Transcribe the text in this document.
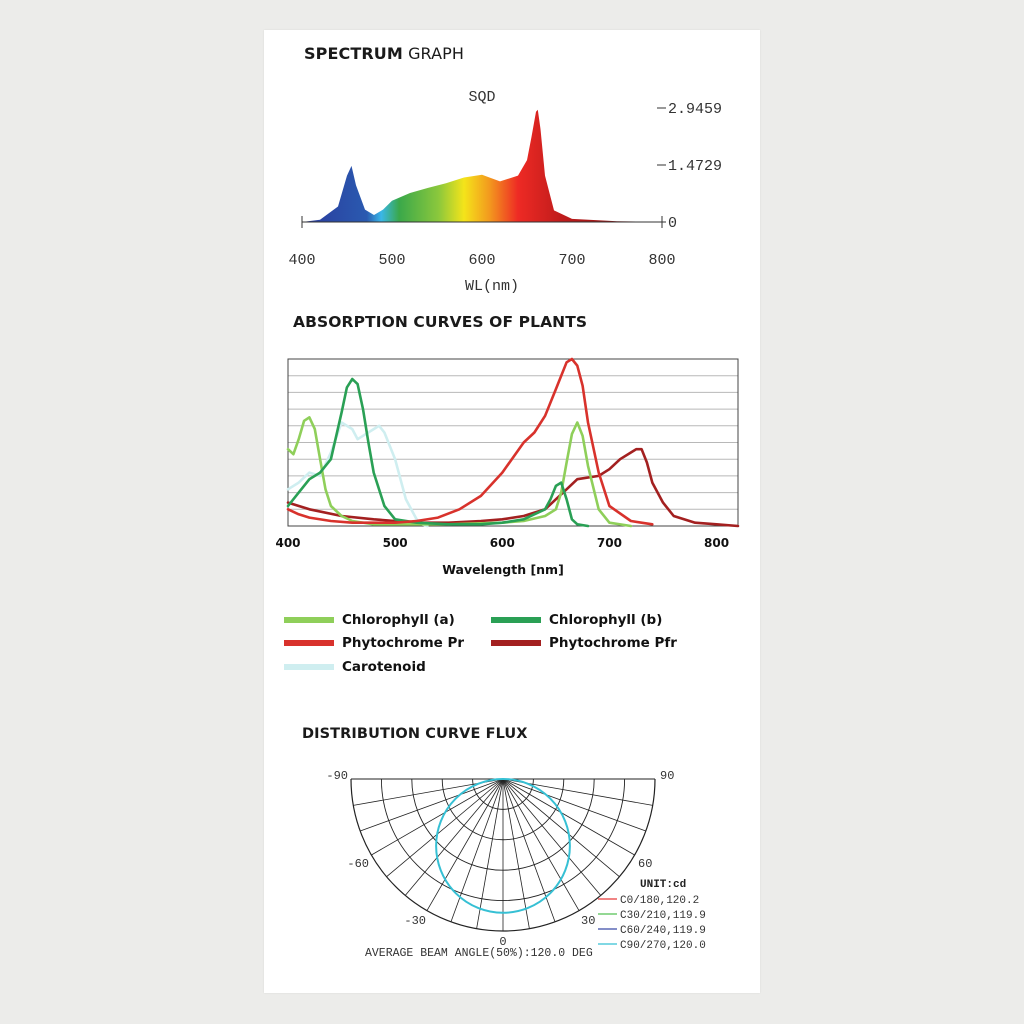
SPECTRUM GRAPH
ABSORPTION CURVES OF PLANTS
DISTRIBUTION CURVE FLUX
SQD
WL(nm)
400	500	600	700	800
2.9459
1.4729
0
400	500	600	700	800
Wavelength [nm]
Chlorophyll (a)	Chlorophyll (b)
Phytochrome Pr	Phytochrome Pfr
Carotenoid
-90	90
-60	60
-30	30
0
UNIT:cd
C0/180,120.2
C30/210,119.9
C60/240,119.9
C90/270,120.0
AVERAGE BEAM ANGLE(50%):120.0 DEG
